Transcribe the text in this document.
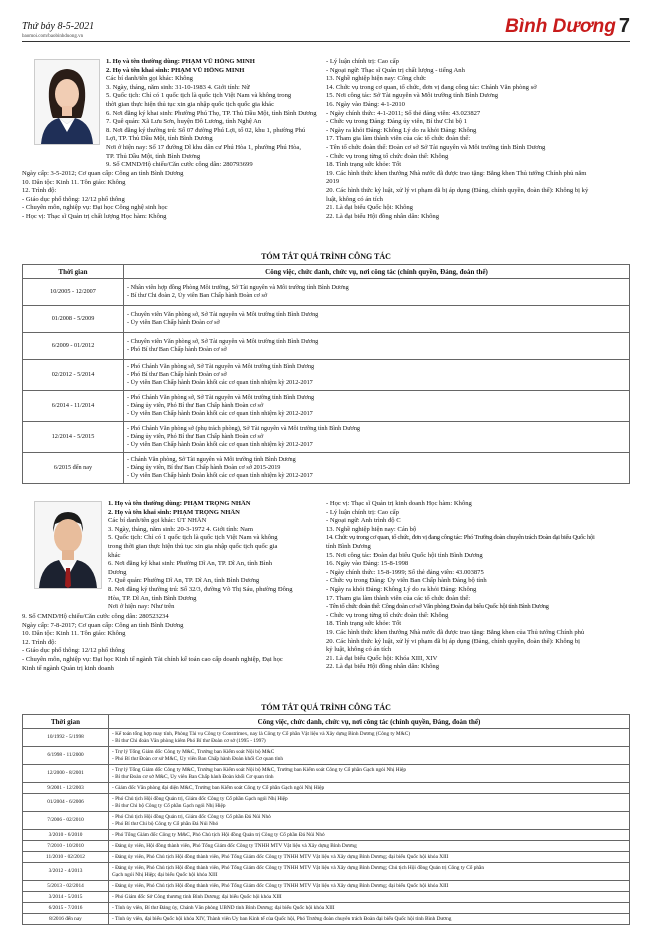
Thứ bảy 8-5-2021
baomoi.com/baobinhduong.vn	Bình Dương 7
1. Họ và tên thường dùng: PHẠM VŨ HỒNG MINH
2. Họ và tên khai sinh: PHẠM VŨ HỒNG MINH
Các bí danh/tên gọi khác: Không
3. Ngày, tháng, năm sinh: 31-10-1983 4. Giới tính: Nữ
5. Quốc tịch: Chỉ có 1 quốc tịch là quốc tịch Việt Nam và không trong
thời gian thực hiện thủ tục xin gia nhập quốc tịch quốc gia khác
6. Nơi đăng ký khai sinh: Phường Phú Thọ, TP. Thủ Dầu Một, tỉnh Bình Dương
7. Quê quán: Xã Lưu Sơn, huyện Đô Lương, tỉnh Nghệ An
8. Nơi đăng ký thường trú: Số 07 đường Phú Lợi, tổ 02, khu 1, phường Phú
Lợi, TP. Thủ Dầu Một, tỉnh Bình Dương
Nơi ở hiện nay: Số 17 đường Dĩ khu dân cư Phú Hòa 1, phường Phú Hòa,
TP. Thủ Dầu Một, tỉnh Bình Dương
9. Số CMND/Hộ chiếu/Căn cước công dân: 280793699
Ngày cấp: 3-5-2012; Cơ quan cấp: Công an tỉnh Bình Dương
10. Dân tộc: Kinh 11. Tôn giáo: Không
12. Trình độ:
- Giáo dục phổ thông: 12/12 phổ thông
- Chuyên môn, nghiệp vụ: Đại học Công nghệ sinh học
- Học vị: Thạc sĩ Quản trị chất lượng Học hàm: Không
- Lý luận chính trị: Cao cấp
- Ngoại ngữ: Thạc sĩ Quản trị chất lượng - tiếng Anh
13. Nghề nghiệp hiện nay: Công chức
14. Chức vụ trong cơ quan, tổ chức, đơn vị đang công tác: Chánh Văn phòng sở
15. Nơi công tác: Sở Tài nguyên và Môi trường tỉnh Bình Dương
16. Ngày vào Đảng: 4-1-2010
- Ngày chính thức: 4-1-2011; Số thẻ đảng viên: 43.023827
- Chức vụ trong Đảng: Đảng ủy viên, Bí thư Chi bộ 1
- Ngày ra khỏi Đảng: Không Lý do ra khỏi Đảng: Không
17. Tham gia làm thành viên của các tổ chức đoàn thể:
- Tên tổ chức đoàn thể: Đoàn cơ sở Sở Tài nguyên và Môi trường tỉnh Bình Dương
- Chức vụ trong từng tổ chức đoàn thể: Không
18. Tình trạng sức khỏe: Tốt
19. Các hình thức khen thưởng Nhà nước đã được trao tặng: Bằng khen Thủ tướng Chính phủ năm
2019
20. Các hình thức kỷ luật, xử lý vi phạm đã bị áp dụng (Đảng, chính quyền, đoàn thể): Không bị kỷ
luật, không có án tích
21. Là đại biểu Quốc hội: Không
22. Là đại biểu Hội đồng nhân dân: Không
TÓM TẮT QUÁ TRÌNH CÔNG TÁC
Thời gian	Công việc, chức danh, chức vụ, nơi công tác (chính quyền, Đảng, đoàn thể)
10/2005 - 12/2007	- Nhân viên hợp đồng Phòng Môi trường, Sở Tài nguyên và Môi trường tỉnh Bình Dương
- Bí thư Chi đoàn 2, Ủy viên Ban Chấp hành Đoàn cơ sở

01/2008 - 5/2009	- Chuyên viên Văn phòng sở, Sở Tài nguyên và Môi trường tỉnh Bình Dương
- Ủy viên Ban Chấp hành Đoàn cơ sở

6/2009 - 01/2012	- Chuyên viên Văn phòng sở, Sở Tài nguyên và Môi trường tỉnh Bình Dương
- Phó Bí thư Ban Chấp hành Đoàn cơ sở

02/2012 - 5/2014	- Phó Chánh Văn phòng sở, Sở Tài nguyên và Môi trường tỉnh Bình Dương
- Phó Bí thư Ban Chấp hành Đoàn cơ sở
- Ủy viên Ban Chấp hành Đoàn khối các cơ quan tỉnh nhiệm kỳ 2012-2017

6/2014 - 11/2014	- Phó Chánh Văn phòng sở, Sở Tài nguyên và Môi trường tỉnh Bình Dương
- Đảng ủy viên, Phó Bí thư Ban Chấp hành Đoàn cơ sở
- Ủy viên Ban Chấp hành Đoàn khối các cơ quan tỉnh nhiệm kỳ 2012-2017

12/2014 - 5/2015	- Phó Chánh Văn phòng sở (phụ trách phòng), Sở Tài nguyên và Môi trường tỉnh Bình Dương
- Đảng ủy viên, Phó Bí thư Ban Chấp hành Đoàn cơ sở
- Ủy viên Ban Chấp hành Đoàn khối các cơ quan tỉnh nhiệm kỳ 2012-2017

6/2015 đến nay	- Chánh Văn phòng, Sở Tài nguyên và Môi trường tỉnh Bình Dương
- Đảng ủy viên, Bí thư Ban Chấp hành Đoàn cơ sở 2015-2019
- Ủy viên Ban Chấp hành Đoàn khối các cơ quan tỉnh nhiệm kỳ 2012-2017
1. Họ và tên thường dùng: PHẠM TRỌNG NHÂN
2. Họ và tên khai sinh: PHẠM TRỌNG NHÂN
Các bí danh/tên gọi khác: ÚT NHÂN
3. Ngày, tháng, năm sinh: 20-3-1972 4. Giới tính: Nam
5. Quốc tịch: Chỉ có 1 quốc tịch là quốc tịch Việt Nam và không
trong thời gian thực hiện thủ tục xin gia nhập quốc tịch quốc gia
khác
6. Nơi đăng ký khai sinh: Phường Dĩ An, TP. Dĩ An, tỉnh Bình
Dương
7. Quê quán: Phường Dĩ An, TP. Dĩ An, tỉnh Bình Dương
8. Nơi đăng ký thường trú: Số 32/3, đường Võ Thị Sáu, phường Đông
Hòa, TP. Dĩ An, tỉnh Bình Dương
Nơi ở hiện nay: Như trên
9. Số CMND/Hộ chiếu/Căn cước công dân: 280523234
Ngày cấp: 7-8-2017; Cơ quan cấp: Công an tỉnh Bình Dương
10. Dân tộc: Kinh 11. Tôn giáo: Không
12. Trình độ:
- Giáo dục phổ thông: 12/12 phổ thông
- Chuyên môn, nghiệp vụ: Đại học Kinh tế ngành Tài chính kế toán cao cấp doanh nghiệp, Đại học
Kinh tế ngành Quản trị kinh doanh
- Học vị: Thạc sĩ Quản trị kinh doanh Học hàm: Không
- Lý luận chính trị: Cao cấp
- Ngoại ngữ: Anh trình độ C
13. Nghề nghiệp hiện nay: Cán bộ
14. Chức vụ trong cơ quan, tổ chức, đơn vị đang công tác: Phó Trưởng đoàn chuyên trách Đoàn đại biểu Quốc hội
tỉnh Bình Dương
15. Nơi công tác: Đoàn đại biểu Quốc hội tỉnh Bình Dương
16. Ngày vào Đảng: 15-8-1998
- Ngày chính thức: 15-8-1999; Số thẻ đảng viên: 43.003875
- Chức vụ trong Đảng: Ủy viên Ban Chấp hành Đảng bộ tỉnh
- Ngày ra khỏi Đảng: Không Lý do ra khỏi Đảng: Không
17. Tham gia làm thành viên của các tổ chức đoàn thể:
- Tên tổ chức đoàn thể: Công đoàn cơ sở Văn phòng Đoàn đại biểu Quốc hội tỉnh Bình Dương
- Chức vụ trong từng tổ chức đoàn thể: Không
18. Tình trạng sức khỏe: Tốt
19. Các hình thức khen thưởng Nhà nước đã được trao tặng: Bằng khen của Thủ tướng Chính phủ
20. Các hình thức kỷ luật, xử lý vi phạm đã bị áp dụng (Đảng, chính quyền, đoàn thể): Không bị
kỷ luật, không có án tích
21. Là đại biểu Quốc hội: Khóa XIII, XIV
22. Là đại biểu Hội đồng nhân dân: Không
TÓM TẮT QUÁ TRÌNH CÔNG TÁC
Thời gian	Công việc, chức danh, chức vụ, nơi công tác (chính quyền, Đảng, đoàn thể)
10/1992 - 5/1998	- Kế toán tổng hợp may tính, Phòng Tài vụ Công ty Constrimex, nay là Công ty Cổ phần Vật liệu và Xây dựng Bình Dương (Công ty M&C)
- Bí thư Chi đoàn Văn phòng kiêm Phó Bí thư Đoàn cơ sở (1995 - 1997)

6/1998 - 11/2000	- Trợ lý Tổng Giám đốc Công ty M&C, Trưởng ban Kiểm soát Nội bộ M&C
- Phó Bí thư Đoàn cơ sở M&C, Ủy viên Ban Chấp hành Đoàn khối Cơ quan tỉnh

12/2000 - 8/2001	- Trợ lý Tổng Giám đốc Công ty M&C, Trưởng ban Kiểm soát Nội bộ M&C, Trưởng ban Kiểm soát Công ty Cổ phần Gạch ngói Nhị Hiệp
- Bí thư Đoàn cơ sở M&C, Ủy viên Ban Chấp hành Đoàn khối Cơ quan tỉnh

9/2001 - 12/2003	- Giám đốc Văn phòng đại diện M&C, Trưởng ban Kiểm soát Công ty Cổ phần Gạch ngói Nhị Hiệp

01/2004 - 6/2006	- Phó Chủ tịch Hội đồng Quản trị, Giám đốc Công ty Cổ phần Gạch ngói Nhị Hiệp
- Bí thư Chi bộ Công ty Cổ phần Gạch ngói Nhị Hiệp

7/2006 - 02/2010	- Phó Chủ tịch Hội đồng Quản trị, Giám đốc Công ty Cổ phần Đá Núi Nhỏ
- Phó Bí thư Chi bộ Công ty Cổ phần Đá Núi Nhỏ

3/2010 - 6/2010	- Phó Tổng Giám đốc Công ty M&C, Phó Chủ tịch Hội đồng Quản trị Công ty Cổ phần Đá Núi Nhỏ

7/2010 - 10/2010	- Đảng ủy viên, Hội đồng thành viên, Phó Tổng Giám đốc Công ty TNHH MTV Vật liệu và Xây dựng Bình Dương

11/2010 - 02/2012	- Đảng ủy viên, Phó Chủ tịch Hội đồng thành viên, Phó Tổng Giám đốc Công ty TNHH MTV Vật liệu và Xây dựng Bình Dương; đại biểu Quốc hội khóa XIII

3/2012 - 4/2013	- Đảng ủy viên, Phó Chủ tịch Hội đồng thành viên, Phó Tổng Giám đốc Công ty TNHH MTV Vật liệu và Xây dựng Bình Dương; Chủ tịch Hội đồng Quản trị Công ty Cổ phần
Gạch ngói Nhị Hiệp; đại biểu Quốc hội khóa XIII

5/2013 - 02/2014	- Đảng ủy viên, Phó Chủ tịch Hội đồng thành viên, Phó Tổng Giám đốc Công ty TNHH MTV Vật liệu và Xây dựng Bình Dương; đại biểu Quốc hội khóa XIII

3/2014 - 5/2015	- Phó Giám đốc Sở Công thương tỉnh Bình Dương; đại biểu Quốc hội khóa XIII

6/2015 - 7/2016	- Tỉnh ủy viên, Bí thư Đảng ủy, Chánh Văn phòng UBND tỉnh Bình Dương; đại biểu Quốc hội khóa XIII

8/2016 đến nay	- Tỉnh ủy viên, đại biểu Quốc hội khóa XIV, Thành viên Ủy ban Kinh tế của Quốc hội, Phó Trưởng đoàn chuyên trách Đoàn đại biểu Quốc hội tỉnh Bình Dương
